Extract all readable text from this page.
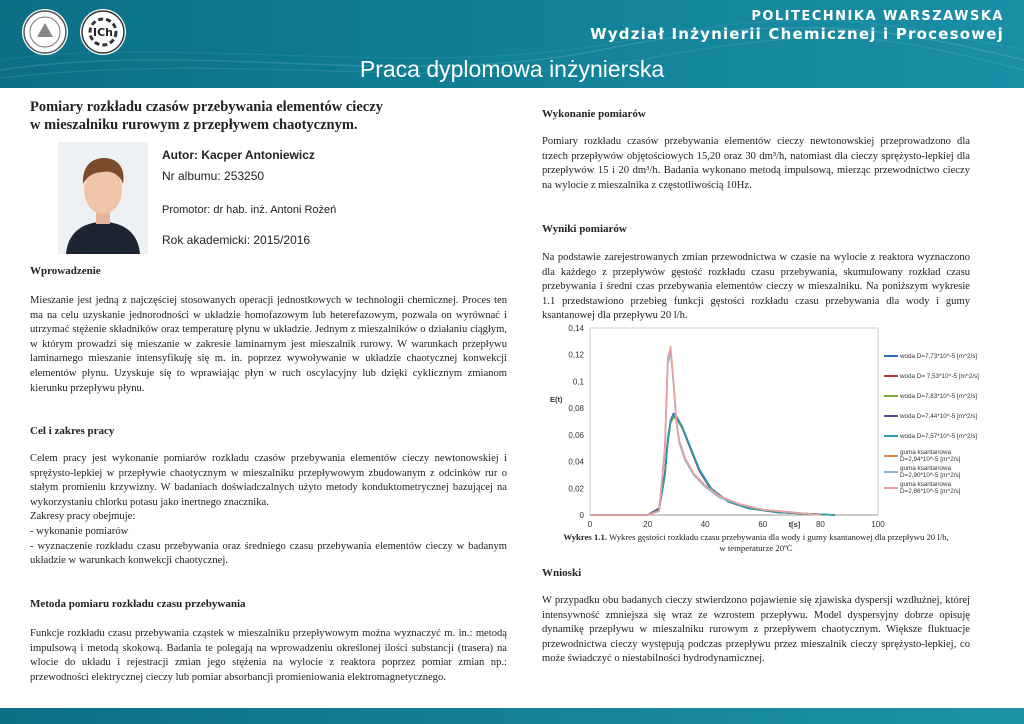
ICh
POLITECHNIKA WARSZAWSKA
Wydział Inżynierii Chemicznej i Procesowej
Praca dyplomowa inżynierska

Pomiary rozkładu czasów przebywania elementów cieczy

w mieszalniku rurowym z przepływem chaotycznym.

Autor: Kacper Antoniewicz
Nr albumu: 253250
Promotor: dr hab. inż. Antoni Rożeń
Rok akademicki: 2015/2016
Wprowadzenie

Mieszanie jest jedną z najczęściej stosowanych operacji jednostkowych w technologii chemicznej. Proces ten ma na celu uzyskanie jednorodności w układzie homofazowym lub heterefazowym, pozwala on wyrównać i utrzymać stężenie składników oraz temperaturę płynu w układzie. Jednym z mieszalników o działaniu ciągłym, w którym prowadzi się mieszanie w zakresie laminarnym jest mieszalnik rurowy. W warunkach przepływu laminarnego mieszanie intensyfikuję się m. in. poprzez wywoływanie w układzie chaotycznej konwekcji elementów płynu. Uzyskuje się to wprawiając płyn w ruch oscylacyjny lub dzięki cyklicznym zmianom kierunku przepływu płynu.

Cel i zakres pracy

Celem pracy jest wykonanie pomiarów rozkładu czasów przebywania elementów cieczy newtonowskiej i sprężysto-lepkiej w przepływie chaotycznym w mieszalniku przepływowym zbudowanym z odcinków rur o stałym promieniu krzywizny. W badaniach doświadczalnych użyto metody konduktometrycznej bazującej na wykorzystaniu chlorku potasu jako inertnego znacznika.

Zakresy pracy obejmuje:

- wykonanie pomiarów

- wyznaczenie rozkładu czasu przebywania oraz średniego czasu przebywania elementów cieczy w badanym układzie w warunkach konwekcji chaotycznej.

Metoda pomiaru rozkładu czasu przebywania

Funkcje rozkładu czasu przebywania cząstek w mieszalniku przepływowym można wyznaczyć m. in.: metodą impulsową i metodą skokową. Badania te polegają na wprowadzeniu określonej ilości substancji (trasera) na wlocie do układu i rejestracji zmian jego stężenia na wylocie z reaktora poprzez pomiar zmian np.: przewodności elektrycznej cieczy lub pomiar absorbancji promieniowania elektromagnetycznego.

Wykonanie pomiarów

Pomiary rozkładu czasów przebywania elementów cieczy newtonowskiej przeprowadzono dla trzech przepływów objętościowych 15,20 oraz 30 dm³/h, natomiast dla cieczy sprężysto-lepkiej dla przepływów 15 i 20 dm³/h. Badania wykonano metodą impulsową, mierząc przewodnictwo cieczy na wylocie z mieszalnika z częstotliwością 10Hz.

Wyniki pomiarów

Na podstawie zarejestrowanych zmian przewodnictwa w czasie na wylocie z reaktora wyznaczono dla każdego z przepływów gęstość rozkładu czasu przebywania, skumulowany rozkład czasu przebywania i średni czas przebywania elementów cieczy w mieszalniku. Na poniższym wykresie 1.1 przedstawiono przebieg funkcji gęstości rozkładu czasu przebywania dla wody i gumy ksantanowej dla przepływu 20 l/h.

0
0,02
0,04
0,06
0,08
0,1
0,12
0,14
0	20	40	60	80	100
E(t)
t[s]
woda D=7,73*10^-5 [m^2/s]
woda D= 7,53*10^-5 [m^2/s]
woda D=7,83*10^-5 [m^2/s]
woda D=7,44*10^-5 [m^2/s]
woda D=7,57*10^-5 [m^2/s]
guma ksantanowa
D=2,94*10^-5 [m^2/s]
guma ksantanowa
D=2,90*10^-5 [m^2/s]
guma ksantanowa
D=2,86*10^-5 [m^2/s]
Wykres 1.1. Wykres gęstości rozkładu czasu przebywania dla wody i gumy ksantanowej dla przepływu 20 l/h,
w temperaturze 20ºC
Wnioski

W przypadku obu badanych cieczy stwierdzono pojawienie się zjawiska dyspersji wzdłużnej, której intensywność zmniejsza się wraz ze wzrostem przepływu. Model dyspersyjny dobrze opisuję dynamikę przepływu w mieszalniku rurowym z przepływem chaotycznym. Większe fluktuacje przewodnictwa cieczy występują podczas przepływu przez mieszalnik cieczy sprężysto-lepkiej, co może świadczyć o niestabilności hydrodynamicznej.
